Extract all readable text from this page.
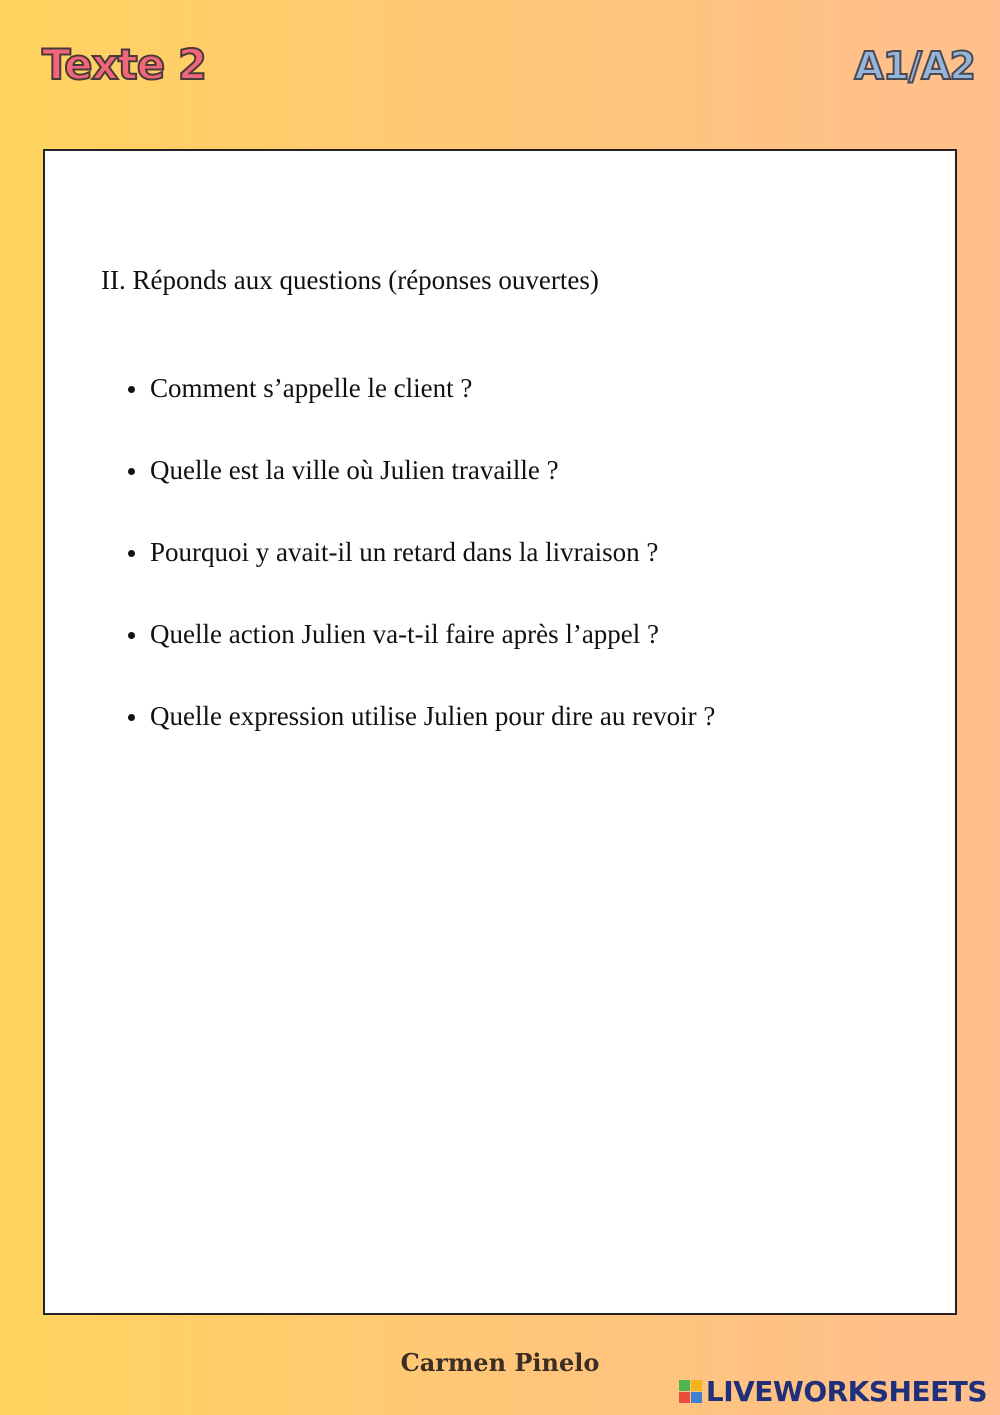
Texte 2	A1/A2
II. Réponds aux questions (réponses ouvertes)
Comment s’appelle le client ?
Quelle est la ville où Julien travaille ?
Pourquoi y avait-il un retard dans la livraison ?
Quelle action Julien va-t-il faire après l’appel ?
Quelle expression utilise Julien pour dire au revoir ?
Carmen Pinelo
LIVEWORKSHEETS
